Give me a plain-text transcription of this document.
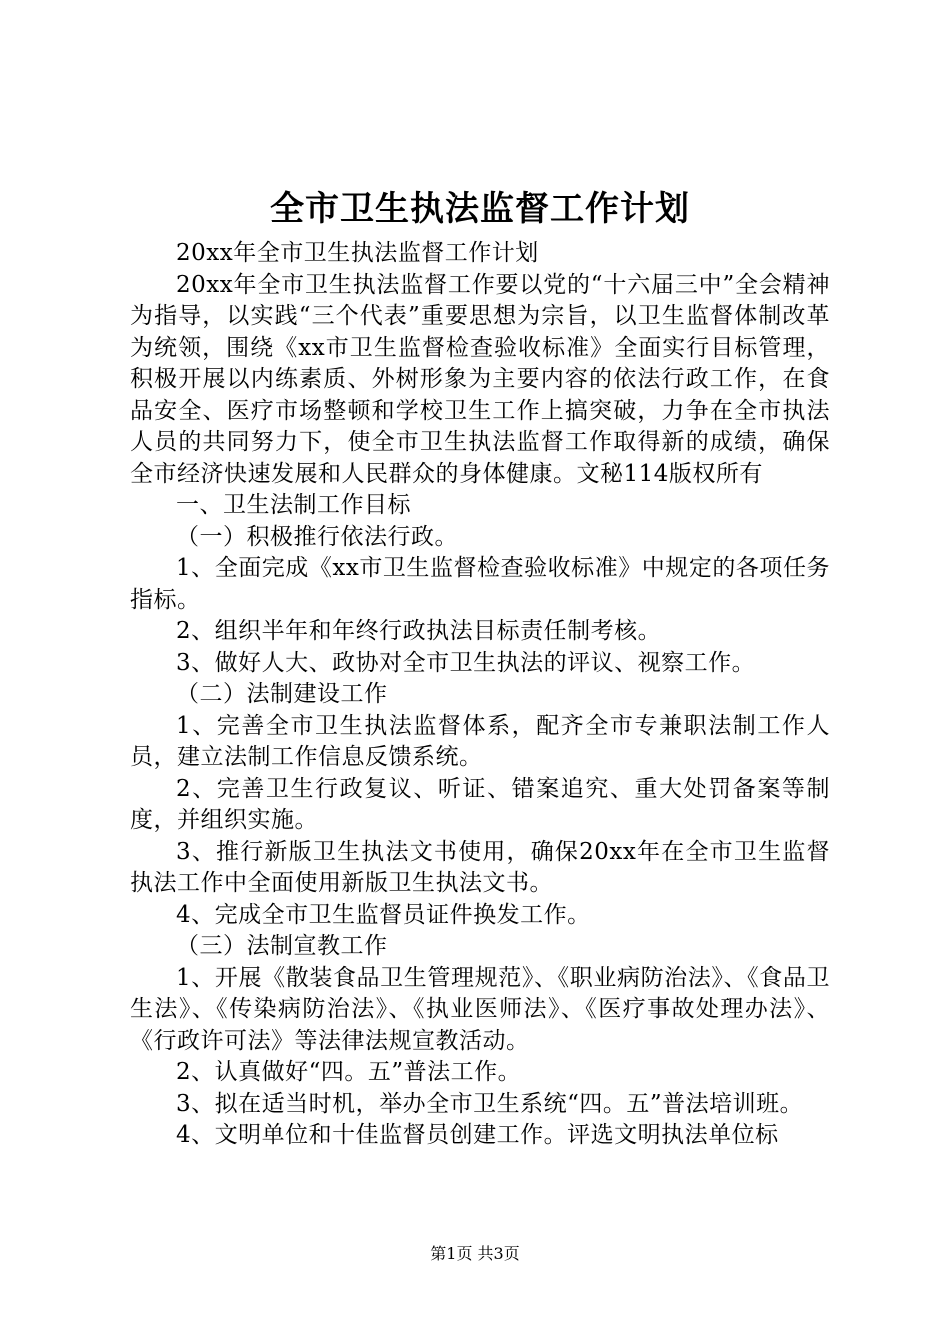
全市卫生执法监督工作计划

20xx年全市卫生执法监督工作计划

20xx年全市卫生执法监督工作要以党的“十六届三中”全会精神为指导，以实践“三个代表”重要思想为宗旨，以卫生监督体制改革为统领，围绕《xx市卫生监督检查验收标准》全面实行目标管理，积极开展以内练素质、外树形象为主要内容的依法行政工作，在食品安全、医疗市场整顿和学校卫生工作上搞突破，力争在全市执法人员的共同努力下，使全市卫生执法监督工作取得新的成绩，确保全市经济快速发展和人民群众的身体健康。文秘114版权所有

一、卫生法制工作目标

（一）积极推行依法行政。

1、全面完成《xx市卫生监督检查验收标准》中规定的各项任务指标。

2、组织半年和年终行政执法目标责任制考核。

3、做好人大、政协对全市卫生执法的评议、视察工作。

（二）法制建设工作

1、完善全市卫生执法监督体系，配齐全市专兼职法制工作人员，建立法制工作信息反馈系统。

2、完善卫生行政复议、听证、错案追究、重大处罚备案等制度，并组织实施。

3、推行新版卫生执法文书使用，确保20xx年在全市卫生监督执法工作中全面使用新版卫生执法文书。

4、完成全市卫生监督员证件换发工作。

（三）法制宣教工作

1、开展《散装食品卫生管理规范》、《职业病防治法》、《食品卫生法》、《传染病防治法》、《执业医师法》、《医疗事故处理办法》、《行政许可法》等法律法规宣教活动。

2、认真做好“四。五”普法工作。

3、拟在适当时机，举办全市卫生系统“四。五”普法培训班。

4、文明单位和十佳监督员创建工作。评选文明执法单位标

第1页 共3页
